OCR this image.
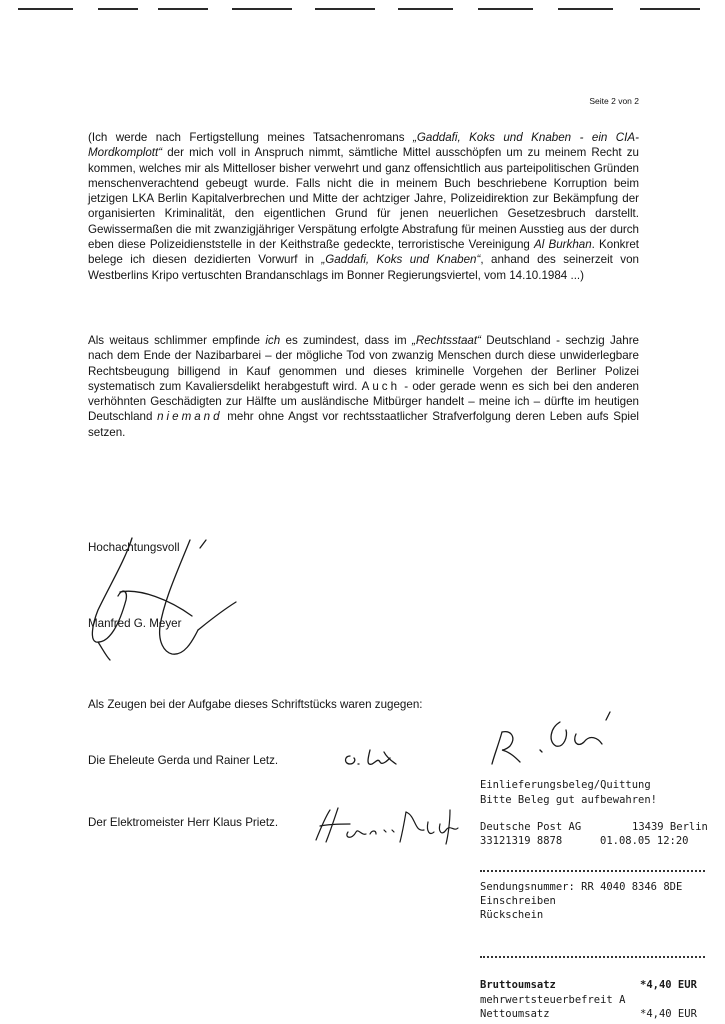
Seite 2 von 2

(Ich werde nach Fertigstellung meines Tatsachenromans „Gaddafi, Koks und Knaben - ein CIA-Mordkomplott“ der mich voll in Anspruch nimmt, sämtliche Mittel ausschöpfen um zu meinem Recht zu kommen, welches mir als Mittelloser bisher verwehrt und ganz offensichtlich aus parteipolitischen Gründen menschenverachtend gebeugt wurde. Falls nicht die in meinem Buch beschriebene Korruption beim jetzigen LKA Berlin Kapitalverbrechen und Mitte der achtziger Jahre, Polizeidirektion zur Bekämpfung der organisierten Kriminalität, den eigentlichen Grund für jenen neuerlichen Gesetzesbruch darstellt. Gewissermaßen die mit zwanzigjähriger Verspätung erfolgte Abstrafung für meinen Ausstieg aus der durch eben diese Polizeidienststelle in der Keithstraße gedeckte, terroristische Vereinigung Al Burkhan. Konkret belege ich diesen dezidierten Vorwurf in „Gaddafi, Koks und Knaben“, anhand des seinerzeit von Westberlins Kripo vertuschten Brandanschlags im Bonner Regierungsviertel, vom 14.10.1984 ...)

Als weitaus schlimmer empfinde ich es zumindest, dass im „Rechtsstaat“ Deutschland - sechzig Jahre nach dem Ende der Nazibarbarei – der mögliche Tod von zwanzig Menschen durch diese unwiderlegbare Rechtsbeugung billigend in Kauf genommen und dieses kriminelle Vorgehen der Berliner Polizei systematisch zum Kavaliersdelikt herabgestuft wird. Auch - oder gerade wenn es sich bei den anderen verhöhnten Geschädigten zur Hälfte um ausländische Mitbürger handelt – meine ich – dürfte im heutigen Deutschland niemand mehr ohne Angst vor rechtsstaatlicher Strafverfolgung deren Leben aufs Spiel setzen.

Hochachtungsvoll
Manfred G. Meyer
Als Zeugen bei der Aufgabe dieses Schriftstücks waren zugegen:
Die Eheleute Gerda und Rainer Letz.
Der Elektromeister Herr Klaus Prietz.
Einlieferungsbeleg/Quittung
Bitte Beleg gut aufbewahren!
Deutsche Post AG	13439 Berlin
33121319 8878	01.08.05 12:20
Sendungsnummer: RR 4040 8346 8DE
Einschreiben
Rückschein
Bruttoumsatz	*4,40 EUR
mehrwertsteuerbefreit A
Nettoumsatz	*4,40 EUR
